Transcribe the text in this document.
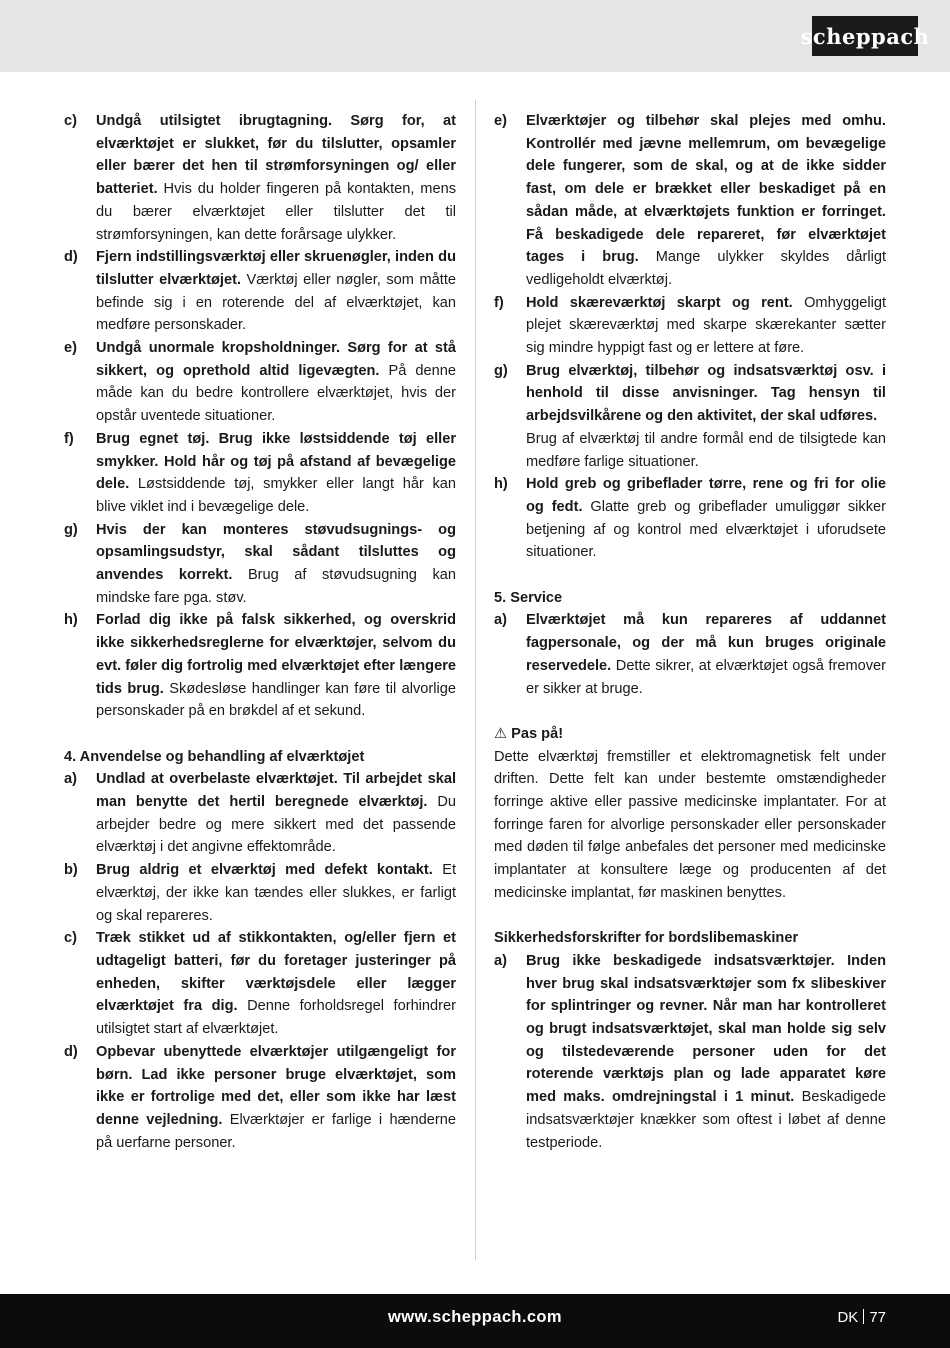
scheppach
c)	Undgå utilsigtet ibrugtagning. Sørg for, at elværktøjet er slukket, før du tilslutter, opsamler eller bærer det hen til strømforsyningen og/ eller batteriet. Hvis du holder fingeren på kontakten, mens du bærer elværktøjet eller tilslutter det til strømforsyningen, kan dette forårsage ulykker.
d)	Fjern indstillingsværktøj eller skruenøgler, inden du tilslutter elværktøjet. Værktøj eller nøgler, som måtte befinde sig i en roterende del af elværktøjet, kan medføre personskader.
e)	Undgå unormale kropsholdninger. Sørg for at stå sikkert, og oprethold altid ligevægten. På denne måde kan du bedre kontrollere elværktøjet, hvis der opstår uventede situationer.
f)	Brug egnet tøj. Brug ikke løstsiddende tøj eller smykker. Hold hår og tøj på afstand af bevægelige dele. Løstsiddende tøj, smykker eller langt hår kan blive viklet ind i bevægelige dele.
g)	Hvis der kan monteres støvudsugnings- og opsamlingsudstyr, skal sådant tilsluttes og anvendes korrekt. Brug af støvudsugning kan mindske fare pga. støv.
h)	Forlad dig ikke på falsk sikkerhed, og overskrid ikke sikkerhedsreglerne for elværktøjer, selvom du evt. føler dig fortrolig med elværktøjet efter længere tids brug. Skødesløse handlinger kan føre til alvorlige personskader på en brøkdel af et sekund.
4. Anvendelse og behandling af elværktøjet
a)	Undlad at overbelaste elværktøjet. Til arbejdet skal man benytte det hertil beregnede elværktøj. Du arbejder bedre og mere sikkert med det passende elværktøj i det angivne effektområde.
b)	Brug aldrig et elværktøj med defekt kontakt. Et elværktøj, der ikke kan tændes eller slukkes, er farligt og skal repareres.
c)	Træk stikket ud af stikkontakten, og/eller fjern et udtageligt batteri, før du foretager justeringer på enheden, skifter værktøjsdele eller lægger elværktøjet fra dig. Denne forholdsregel forhindrer utilsigtet start af elværktøjet.
d)	Opbevar ubenyttede elværktøjer utilgængeligt for børn. Lad ikke personer bruge elværktøjet, som ikke er fortrolige med det, eller som ikke har læst denne vejledning. Elværktøjer er farlige i hænderne på uerfarne personer.
e)	Elværktøjer og tilbehør skal plejes med omhu. Kontrollér med jævne mellemrum, om bevægelige dele fungerer, som de skal, og at de ikke sidder fast, om dele er brækket eller beskadiget på en sådan måde, at elværktøjets funktion er forringet. Få beskadigede dele repareret, før elværktøjet tages i brug. Mange ulykker skyldes dårligt vedligeholdt elværktøj.
f)	Hold skæreværktøj skarpt og rent. Omhyggeligt plejet skæreværktøj med skarpe skærekanter sætter sig mindre hyppigt fast og er lettere at føre.
g)	Brug elværktøj, tilbehør og indsatsværktøj osv. i henhold til disse anvisninger. Tag hensyn til arbejdsvilkårene og den aktivitet, der skal udføres.
Brug af elværktøj til andre formål end de tilsigtede kan medføre farlige situationer.
h)	Hold greb og gribeflader tørre, rene og fri for olie og fedt. Glatte greb og gribeflader umuliggør sikker betjening af og kontrol med elværktøjet i uforudsete situationer.
5. Service
a)	Elværktøjet må kun repareres af uddannet fagpersonale, og der må kun bruges originale reservedele. Dette sikrer, at elværktøjet også fremover er sikker at bruge.
⚠ Pas på!
Dette elværktøj fremstiller et elektromagnetisk felt under driften. Dette felt kan under bestemte omstændigheder forringe aktive eller passive medicinske implantater. For at forringe faren for alvorlige personskader eller personskader med døden til følge anbefales det personer med medicinske implantater at konsultere læge og producenten af det medicinske implantat, før maskinen benyttes.
Sikkerhedsforskrifter for bordslibemaskiner
a)	Brug ikke beskadigede indsatsværktøjer. Inden hver brug skal indsatsværktøjer som fx slibeskiver for splintringer og revner. Når man har kontrolleret og brugt indsatsværktøjet, skal man holde sig selv og tilstedeværende personer uden for det roterende værktøjs plan og lade apparatet køre med maks. omdrejningstal i 1 minut. Beskadigede indsatsværktøjer knækker som oftest i løbet af denne testperiode.
www.scheppach.com	DK 77
